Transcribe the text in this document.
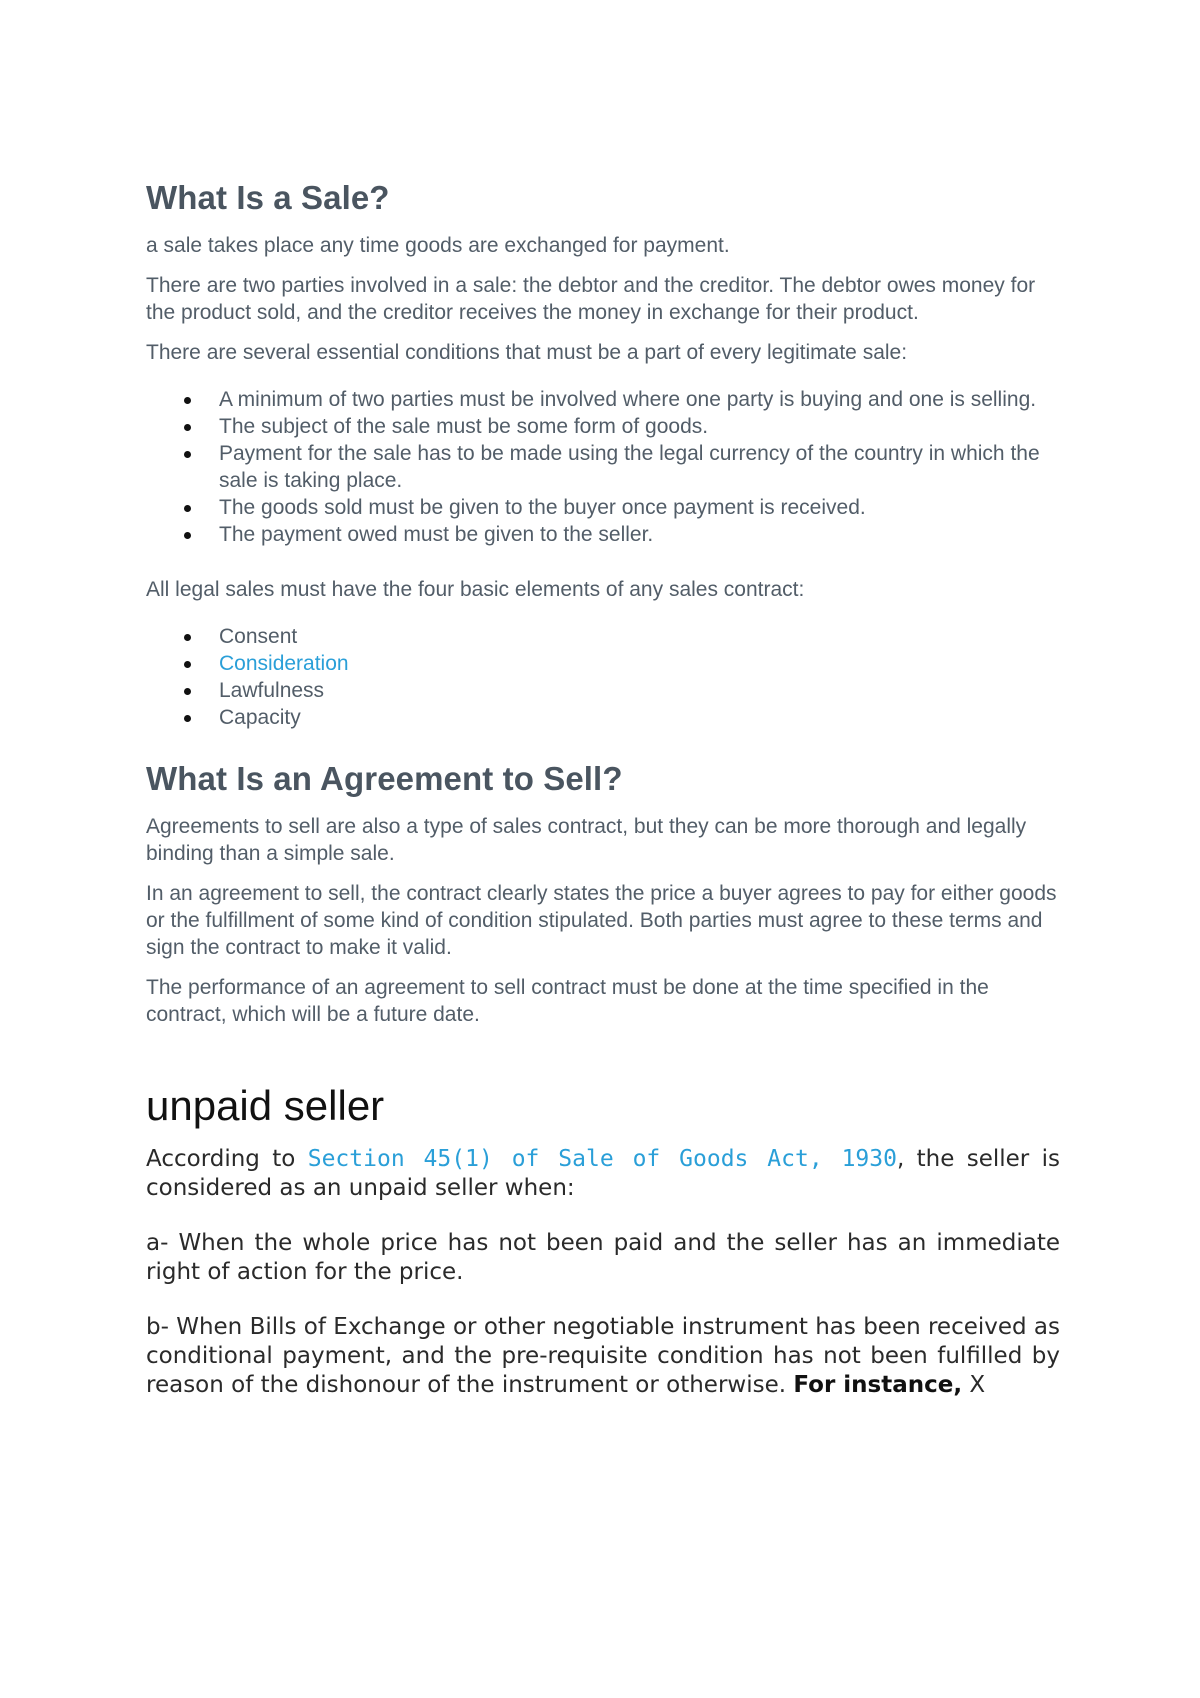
What Is a Sale?

a sale takes place any time goods are exchanged for payment.

There are two parties involved in a sale: the debtor and the creditor. The debtor owes money for the product sold, and the creditor receives the money in exchange for their product.

There are several essential conditions that must be a part of every legitimate sale:

A minimum of two parties must be involved where one party is buying and one is selling.
The subject of the sale must be some form of goods.
Payment for the sale has to be made using the legal currency of the country in which the sale is taking place.
The goods sold must be given to the buyer once payment is received.
The payment owed must be given to the seller.

All legal sales must have the four basic elements of any sales contract:

Consent
Consideration
Lawfulness
Capacity
What Is an Agreement to Sell?

Agreements to sell are also a type of sales contract, but they can be more thorough and legally binding than a simple sale.

In an agreement to sell, the contract clearly states the price a buyer agrees to pay for either goods or the fulfillment of some kind of condition stipulated. Both parties must agree to these terms and sign the contract to make it valid.

The performance of an agreement to sell contract must be done at the time specified in the contract, which will be a future date.

unpaid seller

According to Section 45(1) of Sale of Goods Act, 1930, the seller is considered as an unpaid seller when:

a- When the whole price has not been paid and the seller has an immediate right of action for the price.

b- When Bills of Exchange or other negotiable instrument has been received as conditional payment, and the pre-requisite condition has not been fulfilled by reason of the dishonour of the instrument or otherwise. For instance, X
